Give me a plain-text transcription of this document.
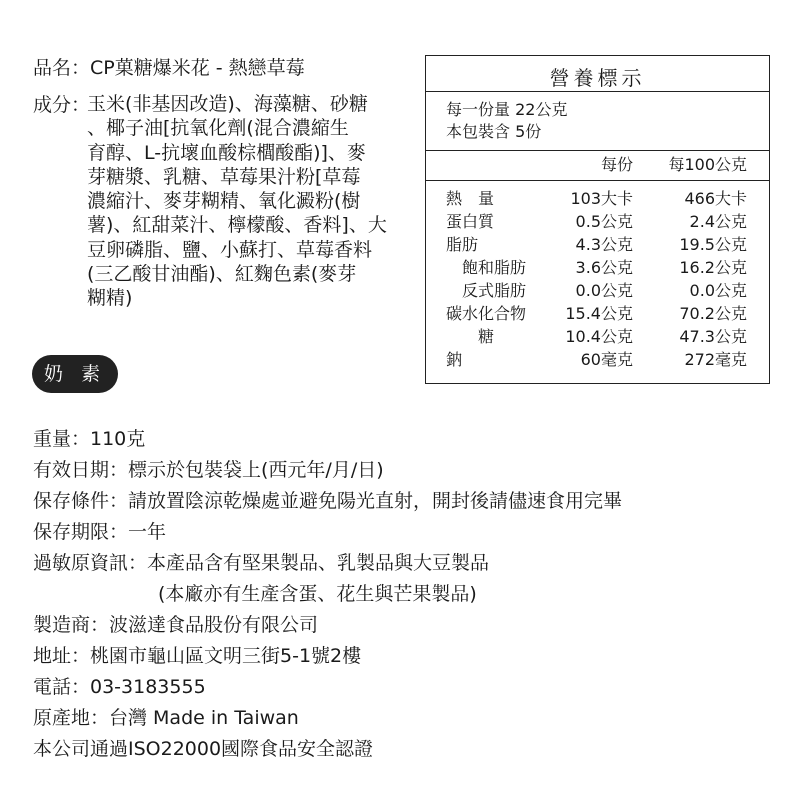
品名：CP菓糖爆米花 - 熱戀草莓
成分：
玉米(非基因改造)、海藻糖、砂糖
、椰子油[抗氧化劑(混合濃縮生
育醇、L-抗壞血酸棕櫚酸酯)]、麥
芽糖漿、乳糖、草莓果汁粉[草莓
濃縮汁、麥芽糊精、氧化澱粉(樹
薯)、紅甜菜汁、檸檬酸、香料]、大
豆卵磷脂、鹽、小蘇打、草莓香料
(三乙酸甘油酯)、紅麴色素(麥芽
糊精)
奶 素
營養標示
每一份量 22公克
本包裝含 5份
每份 每100公克
熱　量	103大卡	466大卡
蛋白質	0.5公克	2.4公克
脂肪	4.3公克	19.5公克
　飽和脂肪	3.6公克	16.2公克
　反式脂肪	0.0公克	0.0公克
碳水化合物 15.4公克	70.2公克
　　糖	10.4公克	47.3公克
鈉	60毫克	272毫克
重量：110克
有效日期：標示於包裝袋上(西元年/月/日)
保存條件：請放置陰涼乾燥處並避免陽光直射，開封後請儘速食用完畢
保存期限：一年
過敏原資訊：本產品含有堅果製品、乳製品與大豆製品
(本廠亦有生產含蛋、花生與芒果製品)
製造商：波滋達食品股份有限公司
地址：桃園市龜山區文明三街5-1號2樓
電話：03-3183555
原產地：台灣 Made in Taiwan
本公司通過ISO22000國際食品安全認證
